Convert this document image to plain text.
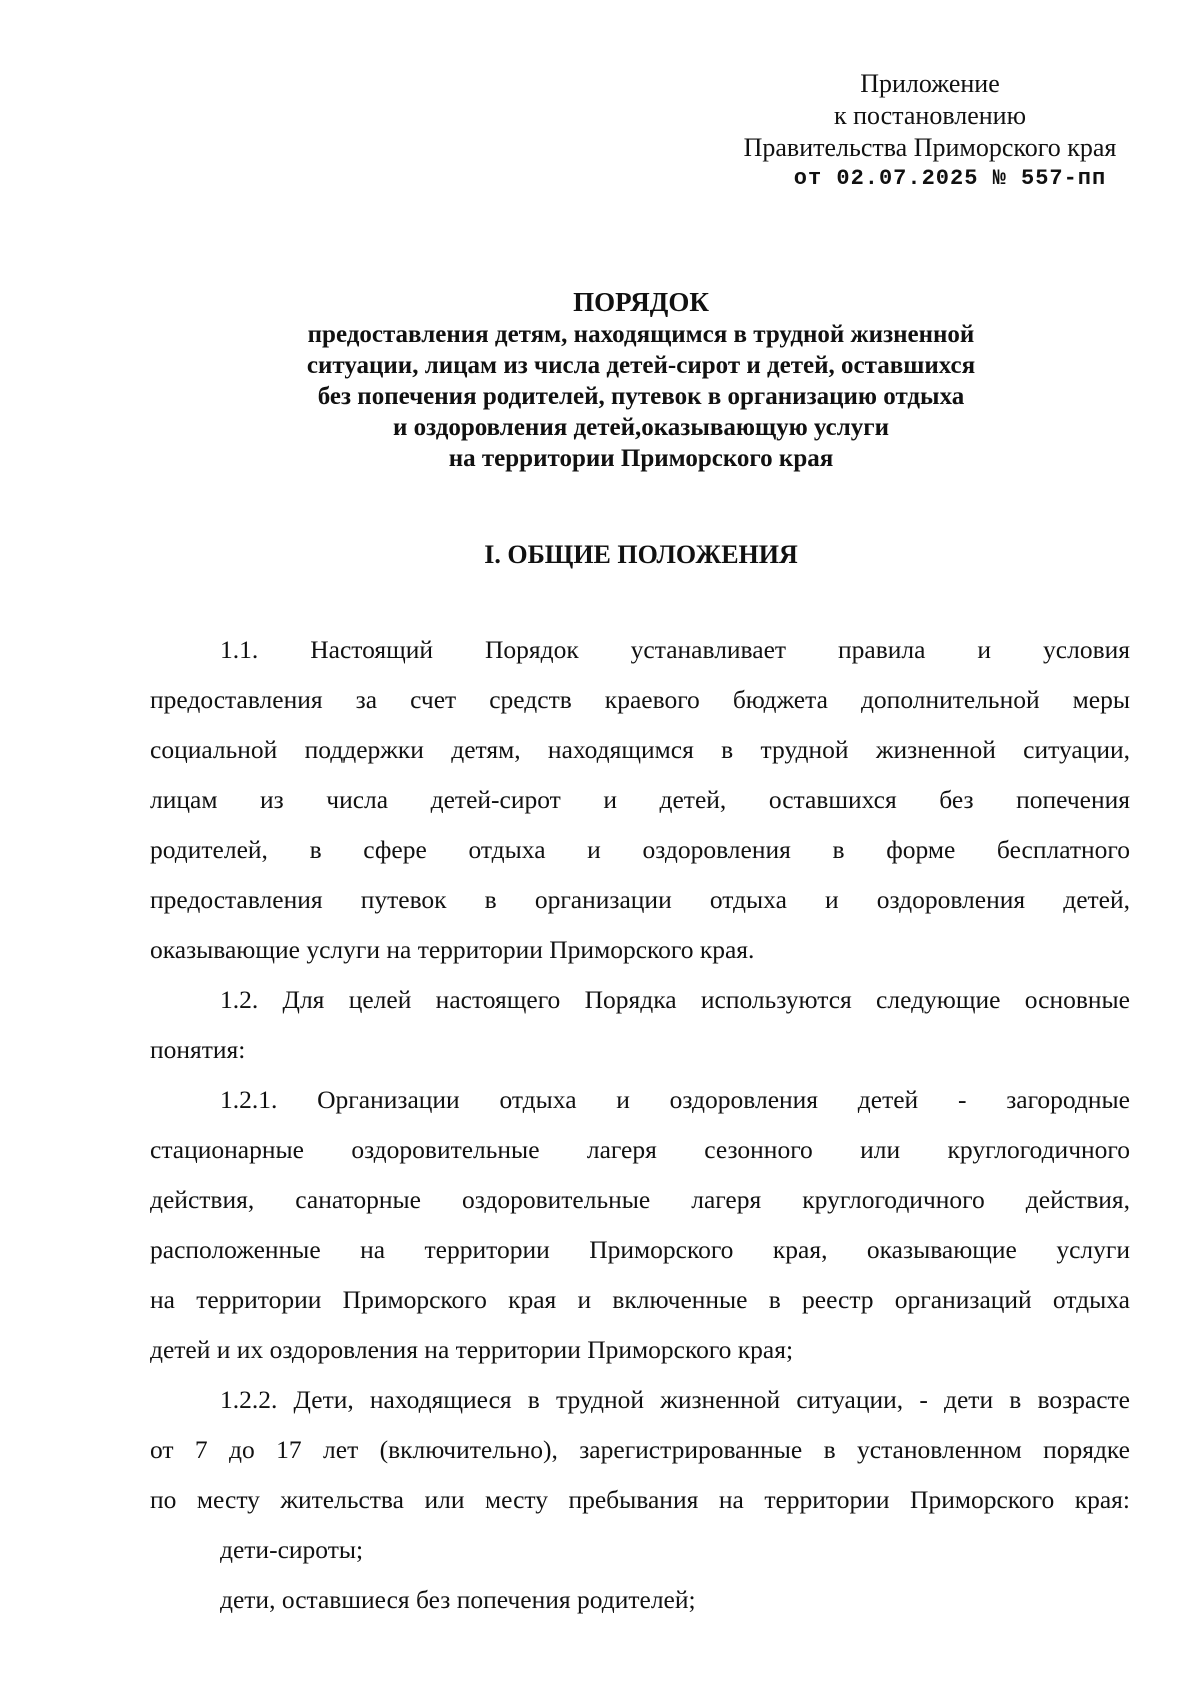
Приложение
к постановлению
Правительства Приморского края
от 02.07.2025 № 557-пп
ПОРЯДОК
предоставления детям, находящимся в трудной жизненной
ситуации, лицам из числа детей-сирот и детей, оставшихся
без попечения родителей, путевок в организацию отдыха
и оздоровления детей,оказывающую услуги
на территории Приморского края
I. ОБЩИЕ ПОЛОЖЕНИЯ
1.1. Настоящий Порядок устанавливает правила и условия
предоставления за счет средств краевого бюджета дополнительной меры
социальной поддержки детям, находящимся в трудной жизненной ситуации,
лицам из числа детей-сирот и детей, оставшихся без попечения
родителей, в сфере отдыха и оздоровления в форме бесплатного
предоставления путевок в организации отдыха и оздоровления детей,
оказывающие услуги на территории Приморского края.
1.2. Для целей настоящего Порядка используются следующие основные
понятия:
1.2.1. Организации отдыха и оздоровления детей - загородные
стационарные оздоровительные лагеря сезонного или круглогодичного
действия, санаторные оздоровительные лагеря круглогодичного действия,
расположенные на территории Приморского края, оказывающие услуги
на территории Приморского края и включенные в реестр организаций отдыха
детей и их оздоровления на территории Приморского края;
1.2.2. Дети, находящиеся в трудной жизненной ситуации, - дети в возрасте
от 7 до 17 лет (включительно), зарегистрированные в установленном порядке
по месту жительства или месту пребывания на территории Приморского края:
дети-сироты;
дети, оставшиеся без попечения родителей;
